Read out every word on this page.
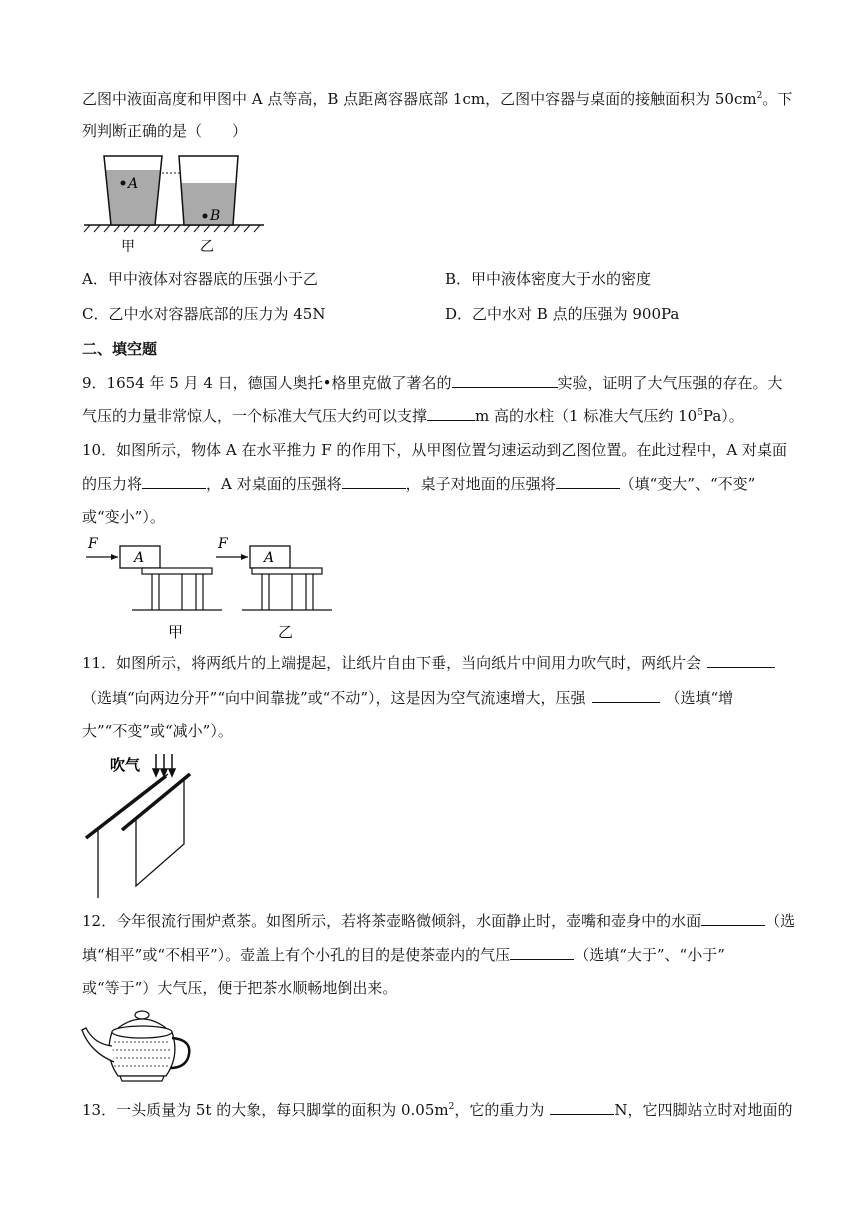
乙图中液面高度和甲图中 A 点等高，B 点距离容器底部 1cm，乙图中容器与桌面的接触面积为 $50cm^2$。下
列判断正确的是（　　）
A
B
甲	乙
A．甲中液体对容器底的压强小于乙	B．甲中液体密度大于水的密度
C．乙中水对容器底部的压力为 45N	D．乙中水对 B 点的压强为 900Pa
二、填空题
9．1654 年 5 月 4 日，德国人奥托•格里克做了著名的	实验，证明了大气压强的存在。大
气压的力量非常惊人，一个标准大气压大约可以支撑	m 高的水柱（1 标准大气压约 $10^5Pa$）。
10．如图所示，物体 A 在水平推力 F 的作用下，从甲图位置匀速运动到乙图位置。在此过程中，A 对桌面
的压力将	，A 对桌面的压强将	，桌子对地面的压强将	（填“变大”、“不变”
或“变小”）。
F
A
甲
F
A
乙
11．如图所示，将两纸片的上端提起，让纸片自由下垂，当向纸片中间用力吹气时，两纸片会
（选填“向两边分开”“向中间靠拢”或“不动”），这是因为空气流速增大，压强	（选填“增
大”“不变”或“减小”）。
吹气
12．今年很流行围炉煮茶。如图所示，若将茶壶略微倾斜，水面静止时，壶嘴和壶身中的水面	（选
填“相平”或“不相平”）。壶盖上有个小孔的目的是使茶壶内的气压	（选填“大于”、“小于”
或“等于”）大气压，便于把茶水顺畅地倒出来。
13．一头质量为 5t 的大象，每只脚掌的面积为 $0.05m^2$，它的重力为	N，它四脚站立时对地面的
